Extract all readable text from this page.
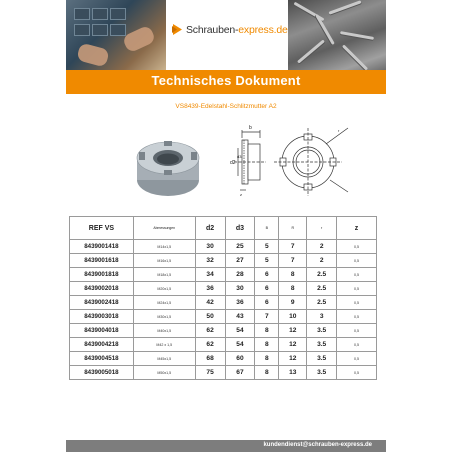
Schrauben-express.de
Technisches Dokument
VS8439-Edelstahl-Schlitzmutter A2
b
d2
d3
z
r
REF VS	Abmessungen	d2	d3	B	R	r	z
8439001418	M14x1,5	30	25	5	7	2	0,5
8439001618	M16x1,5	32	27	5	7	2	0,5
8439001818	M18x1,5	34	28	6	8	2.5	0,5
8439002018	M20x1,5	36	30	6	8	2.5	0,5
8439002418	M24x1,5	42	36	6	9	2.5	0,5
8439003018	M30x1,5	50	43	7	10	3	0,5
8439004018	M40x1,5	62	54	8	12	3.5	0,5
8439004218	M42 x 1,5	62	54	8	12	3.5	0,5
8439004518	M45x1,5	68	60	8	12	3.5	0,5
8439005018	M50x1,5	75	67	8	13	3.5	0,5
kundendienst@schrauben-express.de
